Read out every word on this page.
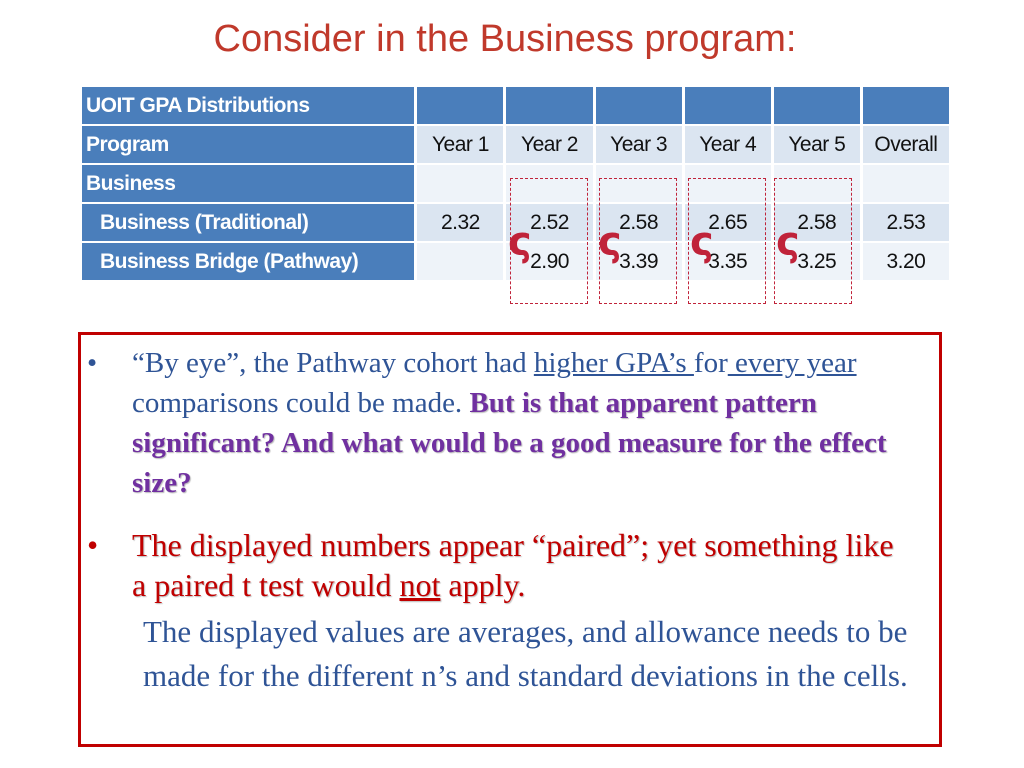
Consider in the Business program:
UOIT GPA Distributions						
Program	Year 1	Year 2	Year 3	Year 4	Year 5	Overall
Business						
Business (Traditional)	2.32	2.52	2.58	2.65	2.58	2.53
Business Bridge (Pathway)		2.90	3.39	3.35	3.25	3.20
ς ς ς ς
• “By eye”, the Pathway cohort had higher GPA’s for every year comparisons could be made. But is that apparent pattern significant? And what would be a good measure for the effect size?
• The displayed numbers appear “paired”; yet something like a paired t test would not apply.
The displayed values are averages, and allowance needs to be made for the different n’s and standard deviations in the cells.
